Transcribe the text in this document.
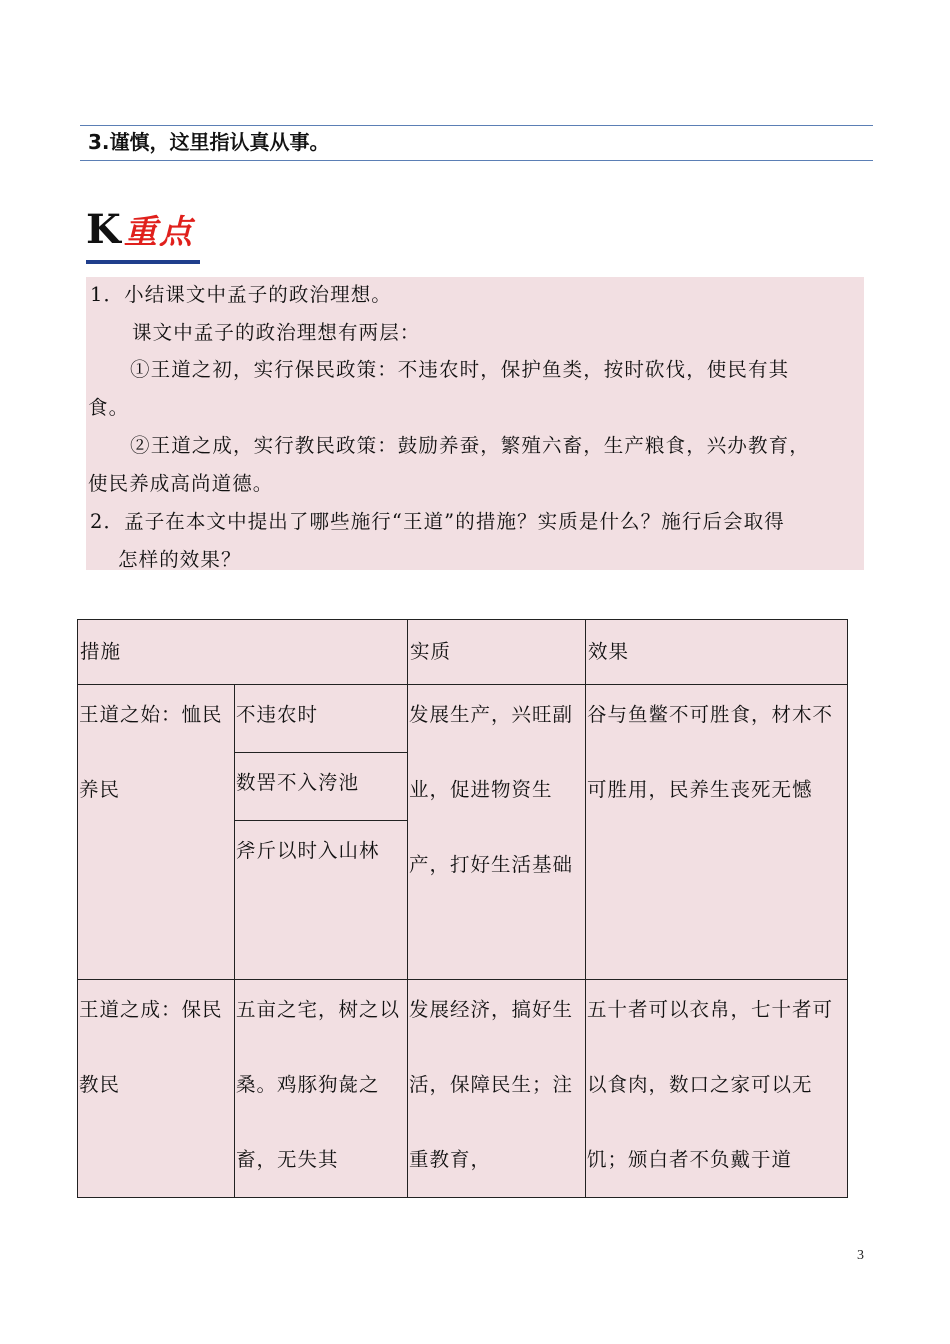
3.谨慎，这里指认真从事。
K 重点
1．小结课文中孟子的政治理想。
课文中孟子的政治理想有两层：
①王道之初，实行保民政策：不违农时，保护鱼类，按时砍伐，使民有其
食。
②王道之成，实行教民政策：鼓励养蚕，繁殖六畜，生产粮食，兴办教育，
使民养成高尚道德。
2．孟子在本文中提出了哪些施行“王道”的措施？实质是什么？施行后会取得
怎样的效果？
措施		实质	效果

王道之始：恤民养民	不违农时	发展生产，兴旺副业，促进物资生产，打好生活基础	谷与鱼鳖不可胜食，材木不可胜用，民养生丧死无憾

	数罟不入洿池		

	斧斤以时入山林		

王道之成：保民教民	五亩之宅，树之以桑。鸡豚狗彘之畜，无失其	发展经济，搞好生活，保障民生；注重教育，	五十者可以衣帛，七十者可以食肉，数口之家可以无饥；颁白者不负戴于道
3
